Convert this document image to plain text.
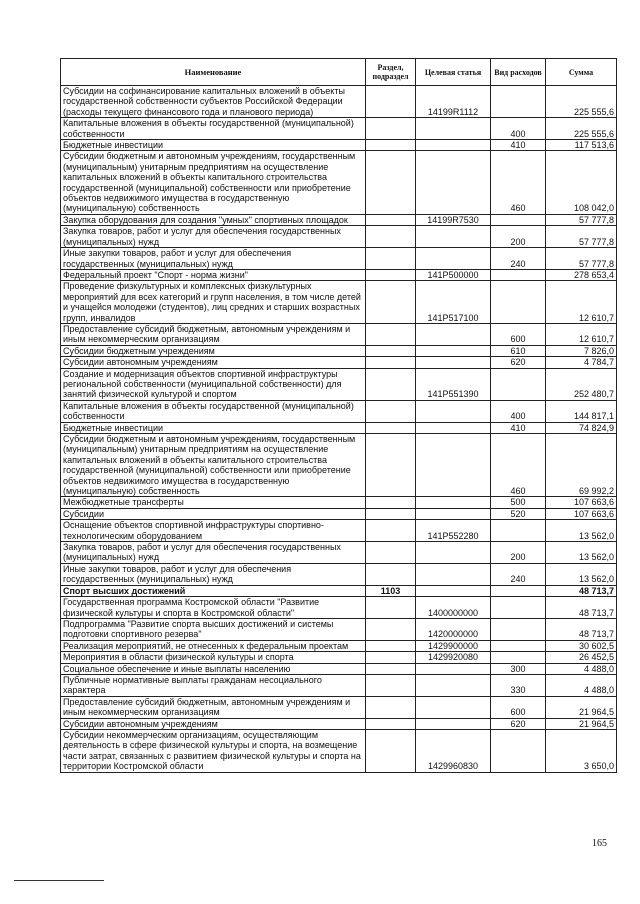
Наименование	Раздел, подраздел	Целевая статья	Вид расходов	Сумма
Субсидии на софинансирование капитальных вложений в объекты государственной собственности субъектов Российской Федерации (расходы текущего финансового года и планового периода)		14199R1112		225 555,6
Капитальные вложения в объекты государственной (муниципальной) собственности			400	225 555,6
Бюджетные инвестиции			410	117 513,6
Субсидии бюджетным и автономным учреждениям, государственным (муниципальным) унитарным предприятиям на осуществление капитальных вложений в объекты капитального строительства государственной (муниципальной) собственности или приобретение объектов недвижимого имущества в государственную (муниципальную) собственность			460	108 042,0
Закупка оборудования для создания "умных" спортивных площадок		14199R7530		57 777,8
Закупка товаров, работ и услуг для обеспечения государственных (муниципальных) нужд			200	57 777,8
Иные закупки товаров, работ и услуг для обеспечения государственных (муниципальных) нужд			240	57 777,8
Федеральный проект "Спорт - норма жизни"		141P500000		278 653,4
Проведение физкультурных и комплексных физкультурных мероприятий для всех категорий и групп населения, в том числе детей и учащейся молодежи (студентов), лиц средних и старших возрастных групп, инвалидов		141P517100		12 610,7
Предоставление субсидий бюджетным, автономным учреждениям и иным некоммерческим организациям			600	12 610,7
Субсидии бюджетным учреждениям			610	7 826,0
Субсидии автономным учреждениям			620	4 784,7
Создание и модернизация объектов спортивной инфраструктуры региональной собственности (муниципальной собственности) для занятий физической культурой и спортом		141P551390		252 480,7
Капитальные вложения в объекты государственной (муниципальной) собственности			400	144 817,1
Бюджетные инвестиции			410	74 824,9
Субсидии бюджетным и автономным учреждениям, государственным (муниципальным) унитарным предприятиям на осуществление капитальных вложений в объекты капитального строительства государственной (муниципальной) собственности или приобретение объектов недвижимого имущества в государственную (муниципальную) собственность			460	69 992,2
Межбюджетные трансферты			500	107 663,6
Субсидии			520	107 663,6
Оснащение объектов спортивной инфраструктуры спортивно-технологическим оборудованием		141P552280		13 562,0
Закупка товаров, работ и услуг для обеспечения государственных (муниципальных) нужд			200	13 562,0
Иные закупки товаров, работ и услуг для обеспечения государственных (муниципальных) нужд			240	13 562,0
Спорт высших достижений	1103			48 713,7
Государственная программа Костромской области "Развитие физической культуры и спорта в Костромской области"		1400000000		48 713,7
Подпрограмма "Развитие спорта высших достижений и системы подготовки спортивного резерва"		1420000000		48 713,7
Реализация мероприятий, не отнесенных к федеральным проектам		1429900000		30 602,5
Мероприятия в области физической культуры и спорта		1429920080		26 452,5
Социальное обеспечение и иные выплаты населению			300	4 488,0
Публичные нормативные выплаты гражданам несоциального характера			330	4 488,0
Предоставление субсидий бюджетным, автономным учреждениям и иным некоммерческим организациям			600	21 964,5
Субсидии автономным учреждениям			620	21 964,5
Субсидии некоммерческим организациям, осуществляющим деятельность в сфере физической культуры и спорта, на возмещение части затрат, связанных с развитием физической культуры и спорта на территории Костромской области		1429960830		3 650,0
165
